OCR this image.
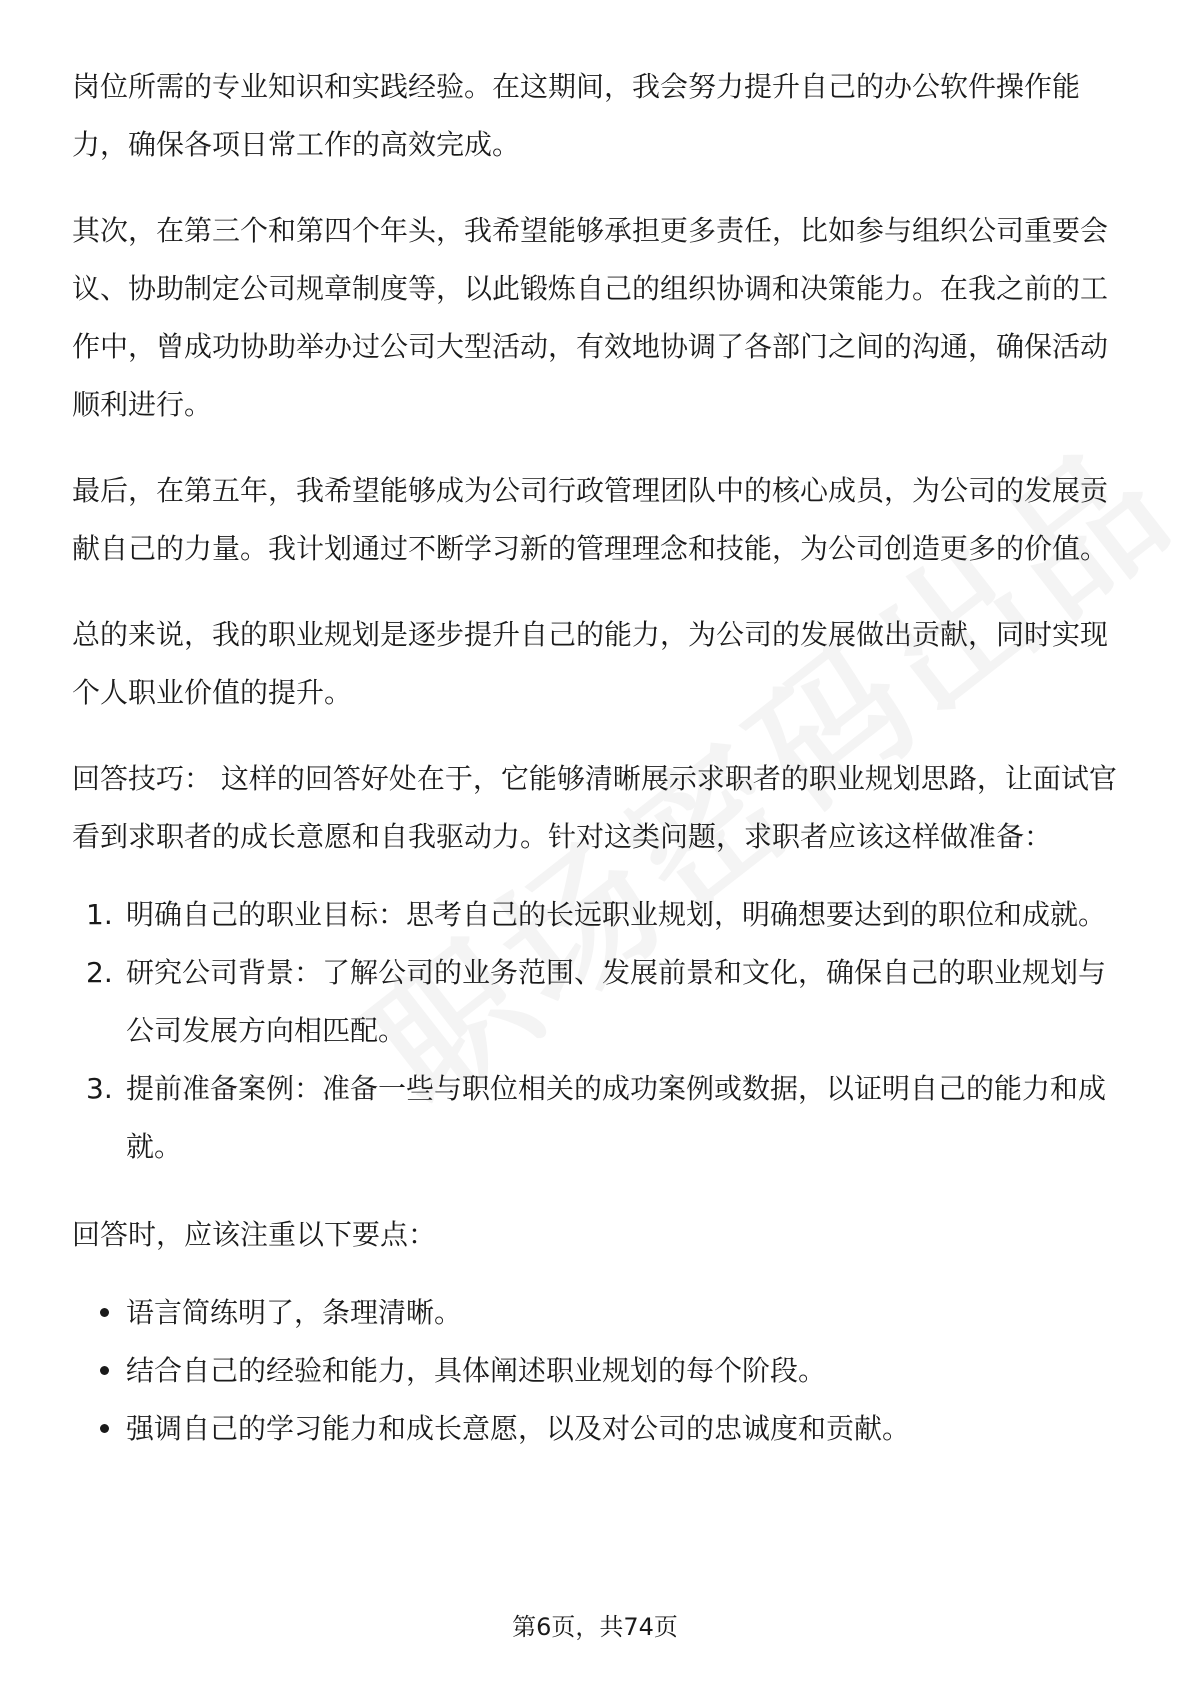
岗位所需的专业知识和实践经验。在这期间，我会努力提升自己的办公软件操作能力，确保各项日常工作的高效完成。

其次，在第三个和第四个年头，我希望能够承担更多责任，比如参与组织公司重要会议、协助制定公司规章制度等，以此锻炼自己的组织协调和决策能力。在我之前的工作中，曾成功协助举办过公司大型活动，有效地协调了各部门之间的沟通，确保活动顺利进行。

最后，在第五年，我希望能够成为公司行政管理团队中的核心成员，为公司的发展贡献自己的力量。我计划通过不断学习新的管理理念和技能，为公司创造更多的价值。

总的来说，我的职业规划是逐步提升自己的能力，为公司的发展做出贡献，同时实现个人职业价值的提升。

回答技巧： 这样的回答好处在于，它能够清晰展示求职者的职业规划思路，让面试官看到求职者的成长意愿和自我驱动力。针对这类问题，求职者应该这样做准备：

1. 明确自己的职业目标：思考自己的长远职业规划，明确想要达到的职位和成就。
2. 研究公司背景：了解公司的业务范围、发展前景和文化，确保自己的职业规划与公司发展方向相匹配。
3. 提前准备案例：准备一些与职位相关的成功案例或数据，以证明自己的能力和成就。

回答时，应该注重以下要点：

语言简练明了，条理清晰。
结合自己的经验和能力，具体阐述职业规划的每个阶段。
强调自己的学习能力和成长意愿，以及对公司的忠诚度和贡献。
第6页，共74页
